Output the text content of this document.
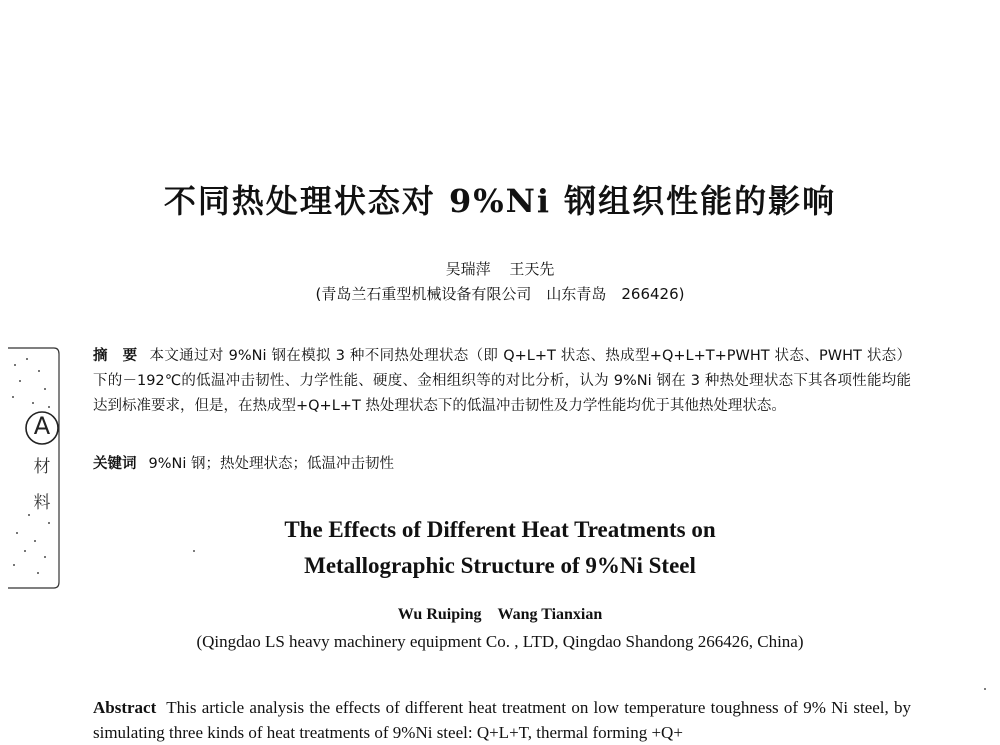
不同热处理状态对 9%Ni 钢组织性能的影响
吴瑞萍 王天先
(青岛兰石重型机械设备有限公司　山东青岛　266426)
A
材
料
摘　要 本文通过对 9%Ni 钢在模拟 3 种不同热处理状态（即 Q+L+T 状态、热成型+Q+L+T+PWHT 状态、PWHT 状态）下的－192℃的低温冲击韧性、力学性能、硬度、金相组织等的对比分析，认为 9%Ni 钢在 3 种热处理状态下其各项性能均能达到标准要求，但是，在热成型+Q+L+T 热处理状态下的低温冲击韧性及力学性能均优于其他热处理状态。
关键词 9%Ni 钢；热处理状态；低温冲击韧性
The Effects of Different Heat Treatments on
Metallographic Structure of 9%Ni Steel
Wu Ruiping Wang Tianxian
(Qingdao LS heavy machinery equipment Co. , LTD, Qingdao Shandong 266426, China)
Abstract This article analysis the effects of different heat treatment on low temperature toughness of 9% Ni steel, by simulating three kinds of heat treatments of 9%Ni steel: Q+L+T, thermal forming +Q+
